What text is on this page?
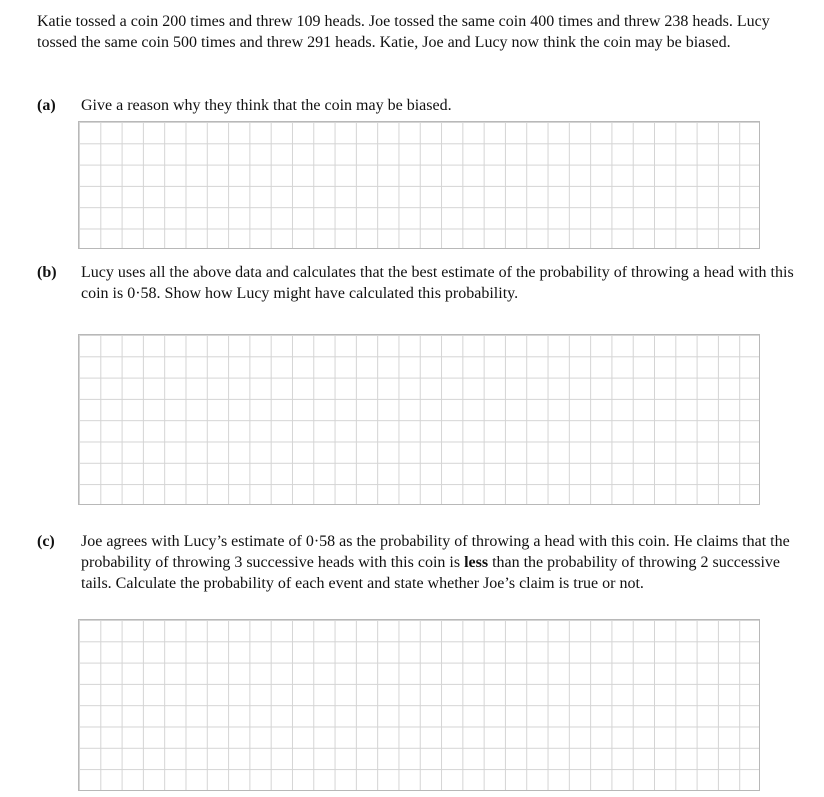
Katie tossed a coin 200 times and threw 109 heads. Joe tossed the same coin 400 times and threw 238 heads. Lucy tossed the same coin 500 times and threw 291 heads. Katie, Joe and Lucy now think the coin may be biased.
(a) Give a reason why they think that the coin may be biased.
(b) Lucy uses all the above data and calculates that the best estimate of the probability of throwing a head with this coin is 0·58. Show how Lucy might have calculated this probability.
(c) Joe agrees with Lucy’s estimate of 0·58 as the probability of throwing a head with this coin. He claims that the probability of throwing 3 successive heads with this coin is less than the probability of throwing 2 successive tails. Calculate the probability of each event and state whether Joe’s claim is true or not.
